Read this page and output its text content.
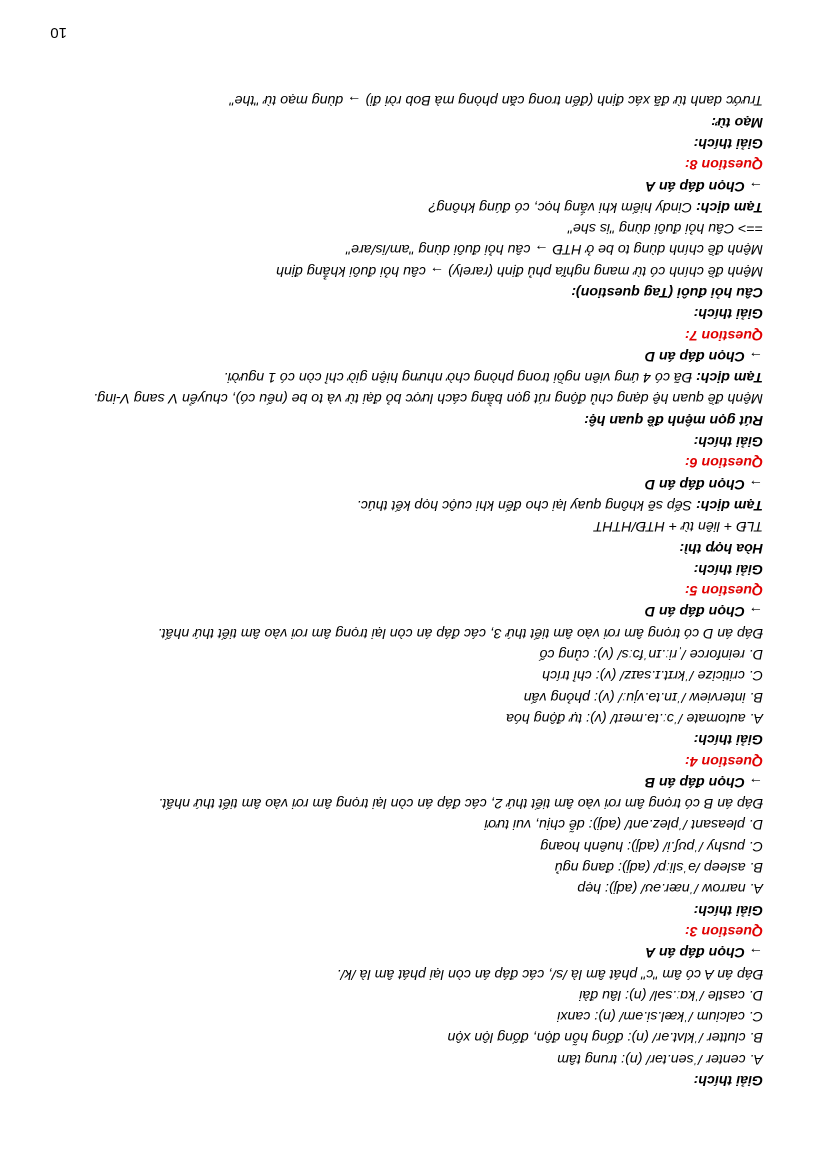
Giải thích:

A. center /ˈsen.tər/ (n): trung tâm

B. clutter /ˈklʌt.ər/ (n): đống hỗn độn, đống lộn xộn

C. calcium /ˈkæl.si.əm/ (n): canxi

D. castle /ˈkɑː.səl/ (n): lâu đài

Đáp án A có âm "c" phát âm là /s/, các đáp án còn lại phát âm là /k/.

→ Chọn đáp án A

Question 3:

Giải thích:

A. narrow /ˈnær.əʊ/ (adj): hẹp

B. asleep /əˈsliːp/ (adj): đang ngủ

C. pushy /ˈpʊʃ.i/ (adj): huênh hoang

D. pleasant /ˈplez.ənt/ (adj): dễ chịu, vui tươi

Đáp án B có trọng âm rơi vào âm tiết thứ 2, các đáp án còn lại trọng âm rơi vào âm tiết thứ nhất.

→ Chọn đáp án B

Question 4:

Giải thích:

A. automate /ˈɔː.tə.meɪt/ (v): tự động hóa

B. interview /ˈɪn.tə.vjuː/ (v): phỏng vấn

C. criticize /ˈkrɪt.ɪ.saɪz/ (v): chỉ trích

D. reinforce /ˌriː.ɪnˈfɔːs/ (v): củng cố

Đáp án D có trọng âm rơi vào âm tiết thứ 3, các đáp án còn lại trọng âm rơi vào âm tiết thứ nhất.

→ Chọn đáp án D

Question 5:

Giải thích:

Hòa hợp thì:

TLĐ + liên từ + HTĐ/HTHT

Tạm dịch: Sếp sẽ không quay lại cho đến khi cuộc họp kết thúc.

→ Chọn đáp án D

Question 6:

Giải thích:

Rút gọn mệnh đề quan hệ:

Mệnh đề quan hệ dạng chủ động rút gọn bằng cách lược bỏ đại từ và to be (nếu có), chuyển V sang V-ing.

Tạm dịch: Đã có 4 ứng viên ngồi trong phòng chờ nhưng hiện giờ chỉ còn có 1 người.

→ Chọn đáp án D

Question 7:

Giải thích:

Câu hỏi đuôi (Tag question):

Mệnh đề chính có từ mang nghĩa phủ định (rarely) → câu hỏi đuôi khẳng định

Mệnh đề chính dùng to be ở HTĐ → câu hỏi đuôi dùng "am/is/are"

==> Câu hỏi đuôi dùng "is she"

Tạm dịch: Cindy hiếm khi vắng học, có đúng không?

→ Chọn đáp án A

Question 8:

Giải thích:

Mạo từ:

Trước danh từ đã xác định (đến trong căn phòng mà Bob rời đi) → dùng mạo từ "the"

10
